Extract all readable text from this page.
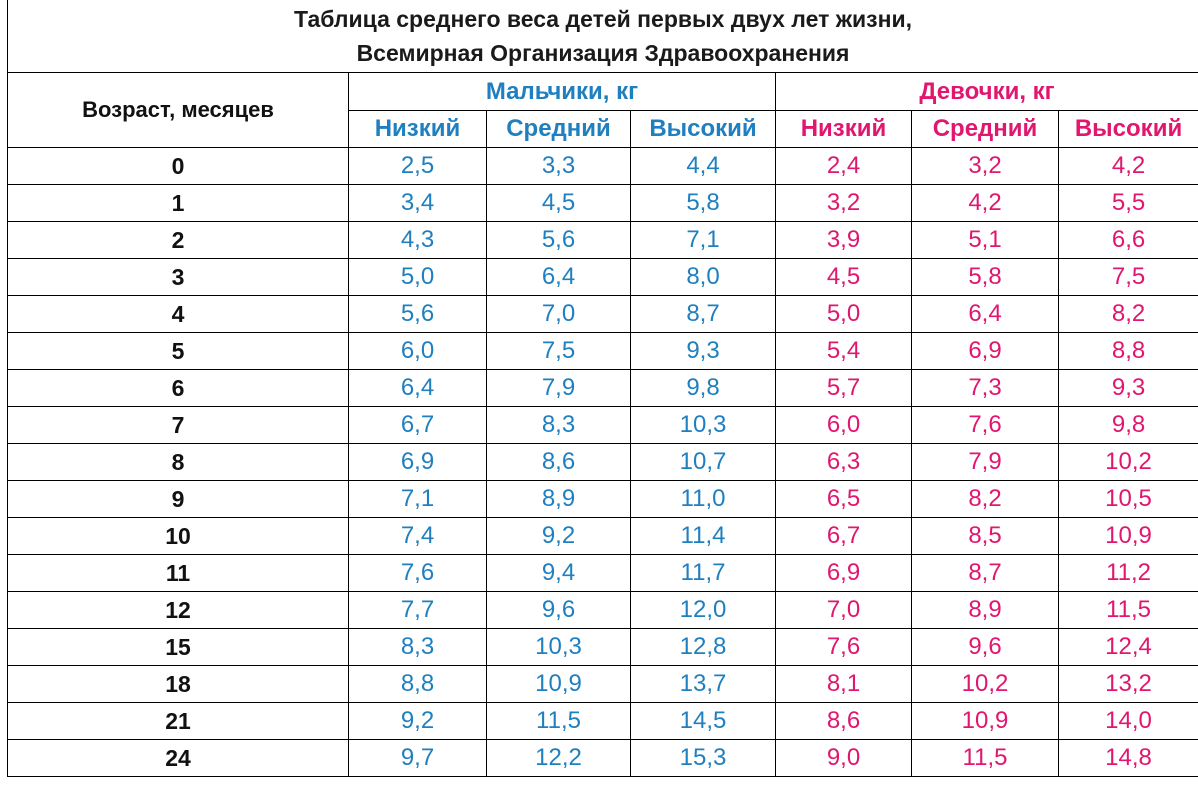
Таблица среднего веса детей первых двух лет жизни,
Всемирная Организация Здравоохранения						

Возраст, месяцев	Мальчики, кг			Девочки, кг		
	Низкий	Средний	Высокий	Низкий	Средний	Высокий
0	2,5	3,3	4,4	2,4	3,2	4,2
1	3,4	4,5	5,8	3,2	4,2	5,5
2	4,3	5,6	7,1	3,9	5,1	6,6
3	5,0	6,4	8,0	4,5	5,8	7,5
4	5,6	7,0	8,7	5,0	6,4	8,2
5	6,0	7,5	9,3	5,4	6,9	8,8
6	6,4	7,9	9,8	5,7	7,3	9,3
7	6,7	8,3	10,3	6,0	7,6	9,8
8	6,9	8,6	10,7	6,3	7,9	10,2
9	7,1	8,9	11,0	6,5	8,2	10,5
10	7,4	9,2	11,4	6,7	8,5	10,9
11	7,6	9,4	11,7	6,9	8,7	11,2
12	7,7	9,6	12,0	7,0	8,9	11,5
15	8,3	10,3	12,8	7,6	9,6	12,4
18	8,8	10,9	13,7	8,1	10,2	13,2
21	9,2	11,5	14,5	8,6	10,9	14,0
24	9,7	12,2	15,3	9,0	11,5	14,8
